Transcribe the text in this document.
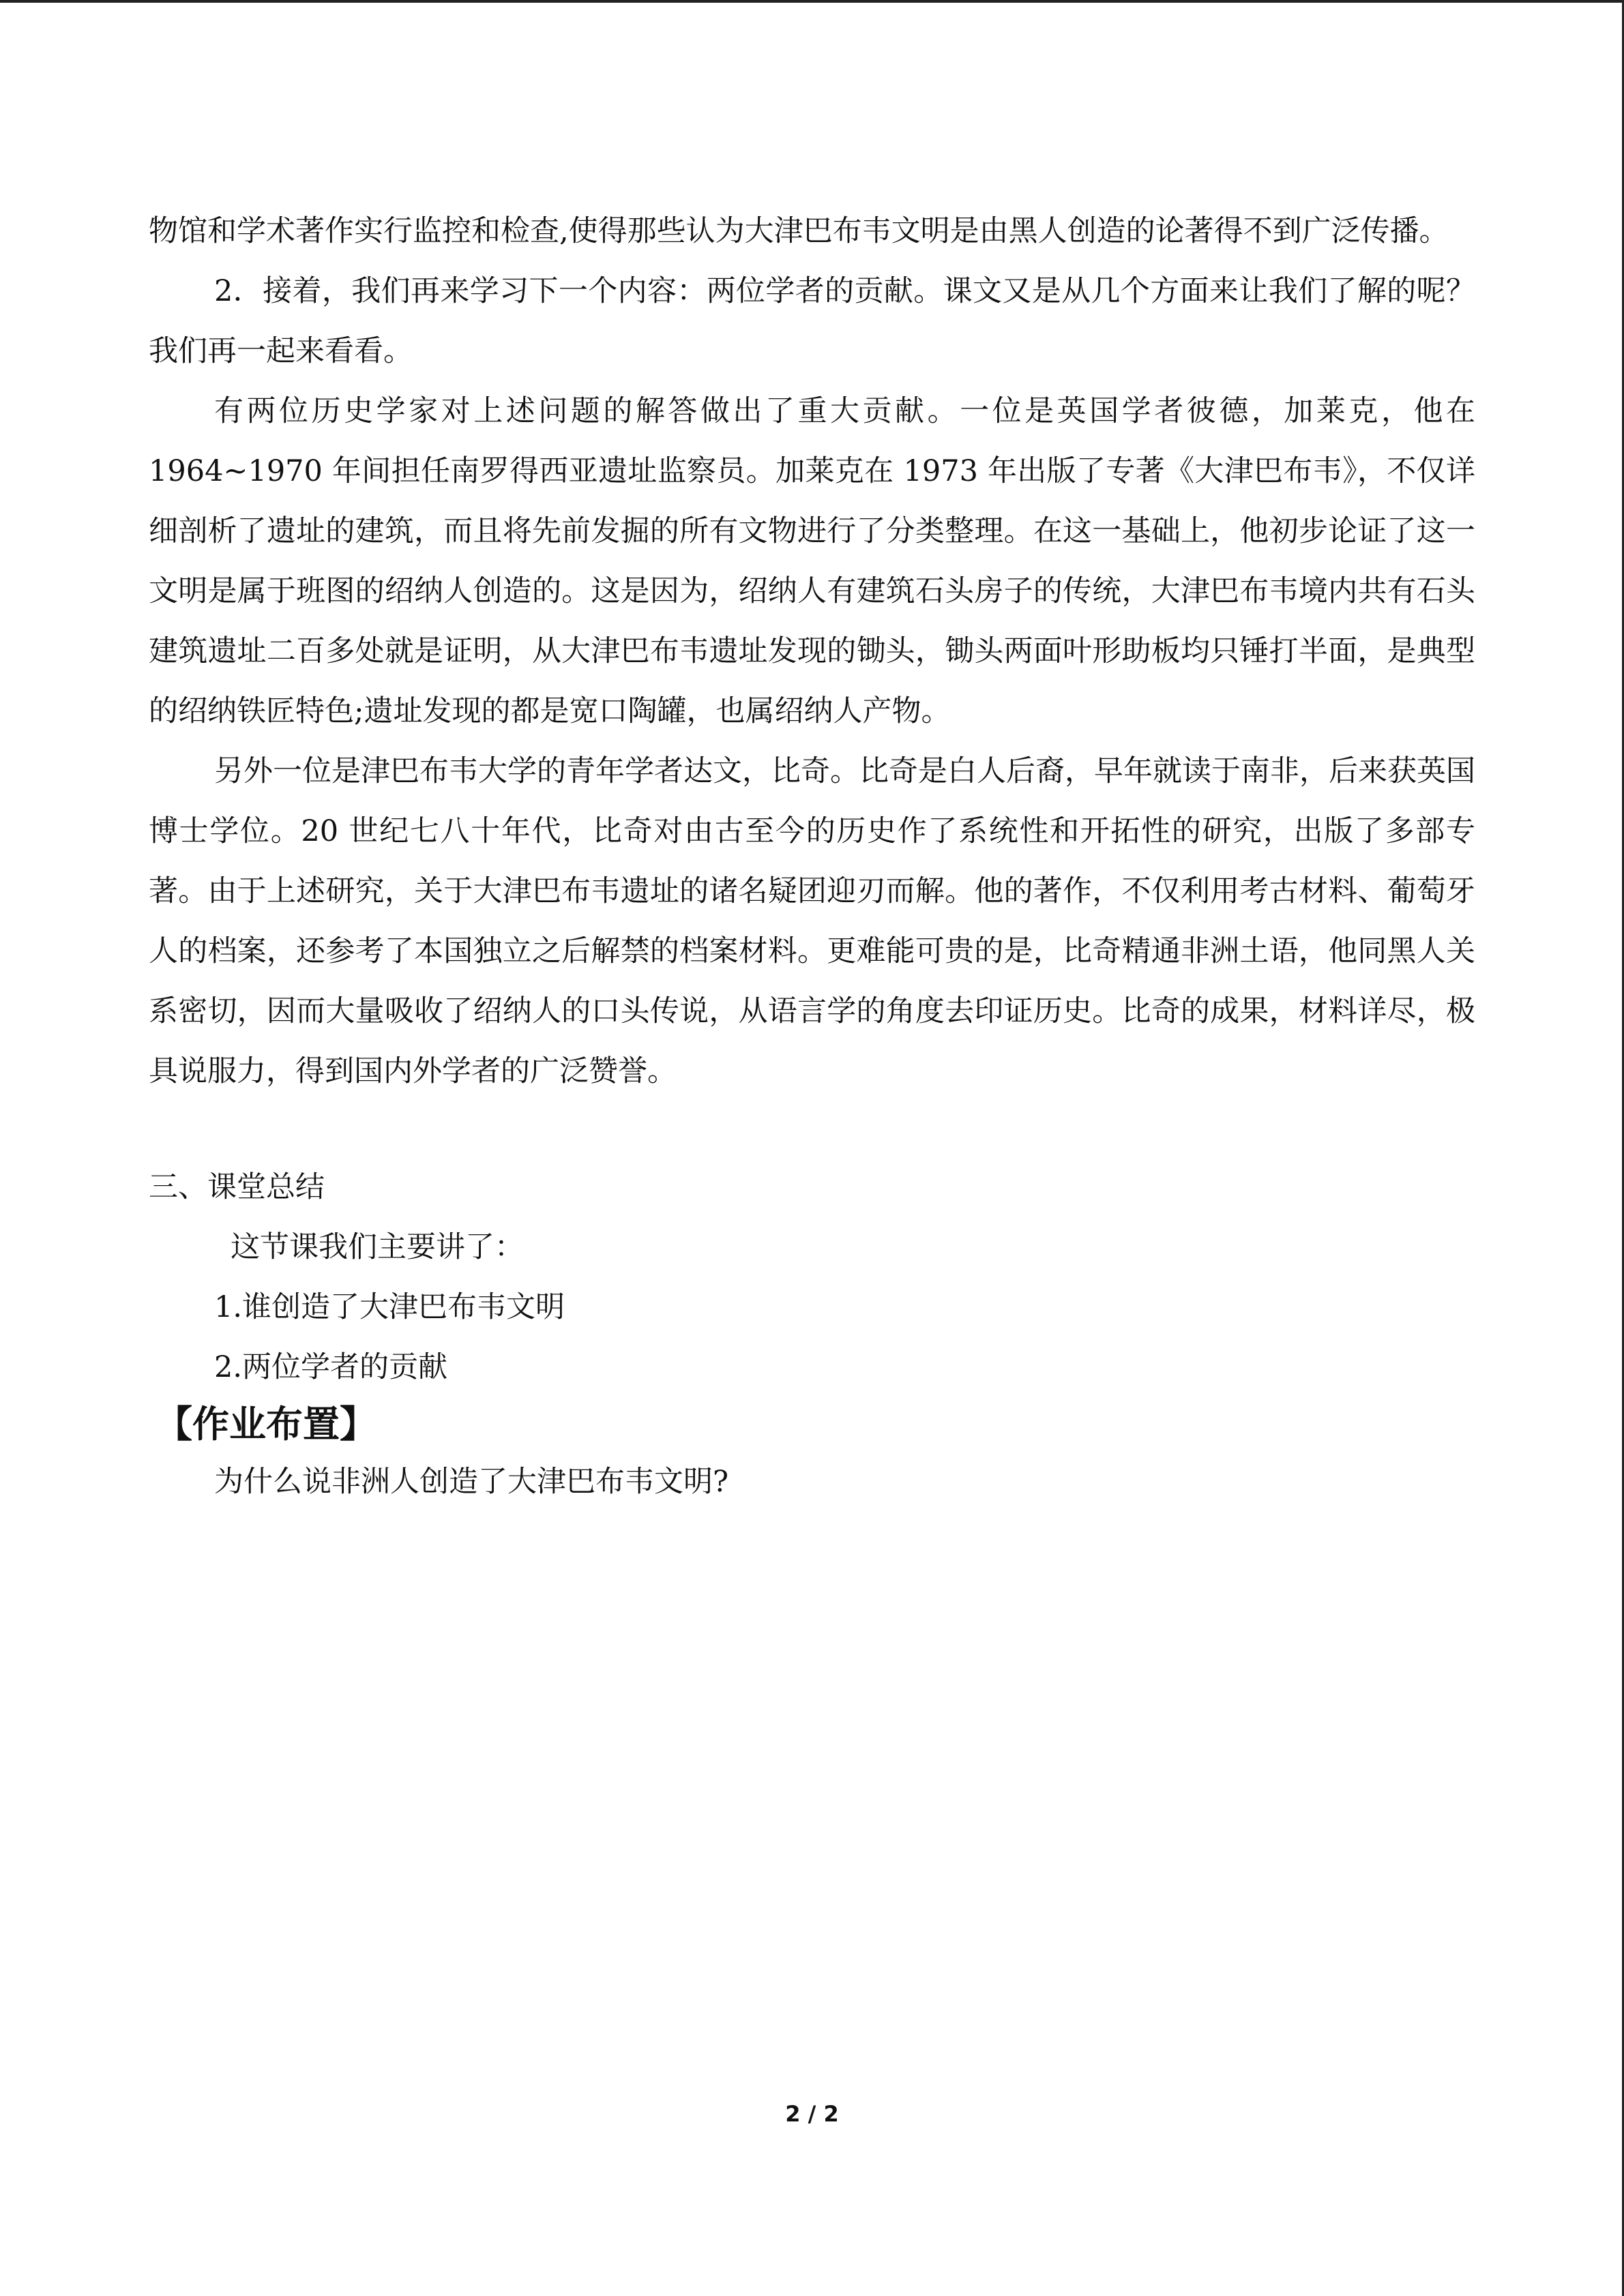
物馆和学术著作实行监控和检查,使得那些认为大津巴布韦文明是由黑人创造的论著得不到广泛传播。

2．接着，我们再来学习下一个内容：两位学者的贡献。课文又是从几个方面来让我们了解的呢？我们再一起来看看。

有两位历史学家对上述问题的解答做出了重大贡献。一位是英国学者彼德，加莱克，他在 1964~1970 年间担任南罗得西亚遗址监察员。加莱克在 1973 年出版了专著《大津巴布韦》，不仅详细剖析了遗址的建筑，而且将先前发掘的所有文物进行了分类整理。在这一基础上，他初步论证了这一文明是属于班图的绍纳人创造的。这是因为，绍纳人有建筑石头房子的传统，大津巴布韦境内共有石头建筑遗址二百多处就是证明，从大津巴布韦遗址发现的锄头，锄头两面叶形助板均只锤打半面，是典型的绍纳铁匠特色;遗址发现的都是宽口陶罐，也属绍纳人产物。

另外一位是津巴布韦大学的青年学者达文，比奇。比奇是白人后裔，早年就读于南非，后来获英国博士学位。20 世纪七八十年代，比奇对由古至今的历史作了系统性和开拓性的研究，出版了多部专著。由于上述研究，关于大津巴布韦遗址的诸名疑团迎刃而解。他的著作，不仅利用考古材料、葡萄牙人的档案，还参考了本国独立之后解禁的档案材料。更难能可贵的是，比奇精通非洲土语，他同黑人关系密切，因而大量吸收了绍纳人的口头传说，从语言学的角度去印证历史。比奇的成果，材料详尽，极具说服力，得到国内外学者的广泛赞誉。

三、课堂总结

这节课我们主要讲了：

1.谁创造了大津巴布韦文明

2.两位学者的贡献

【作业布置】

为什么说非洲人创造了大津巴布韦文明?

2 / 2
